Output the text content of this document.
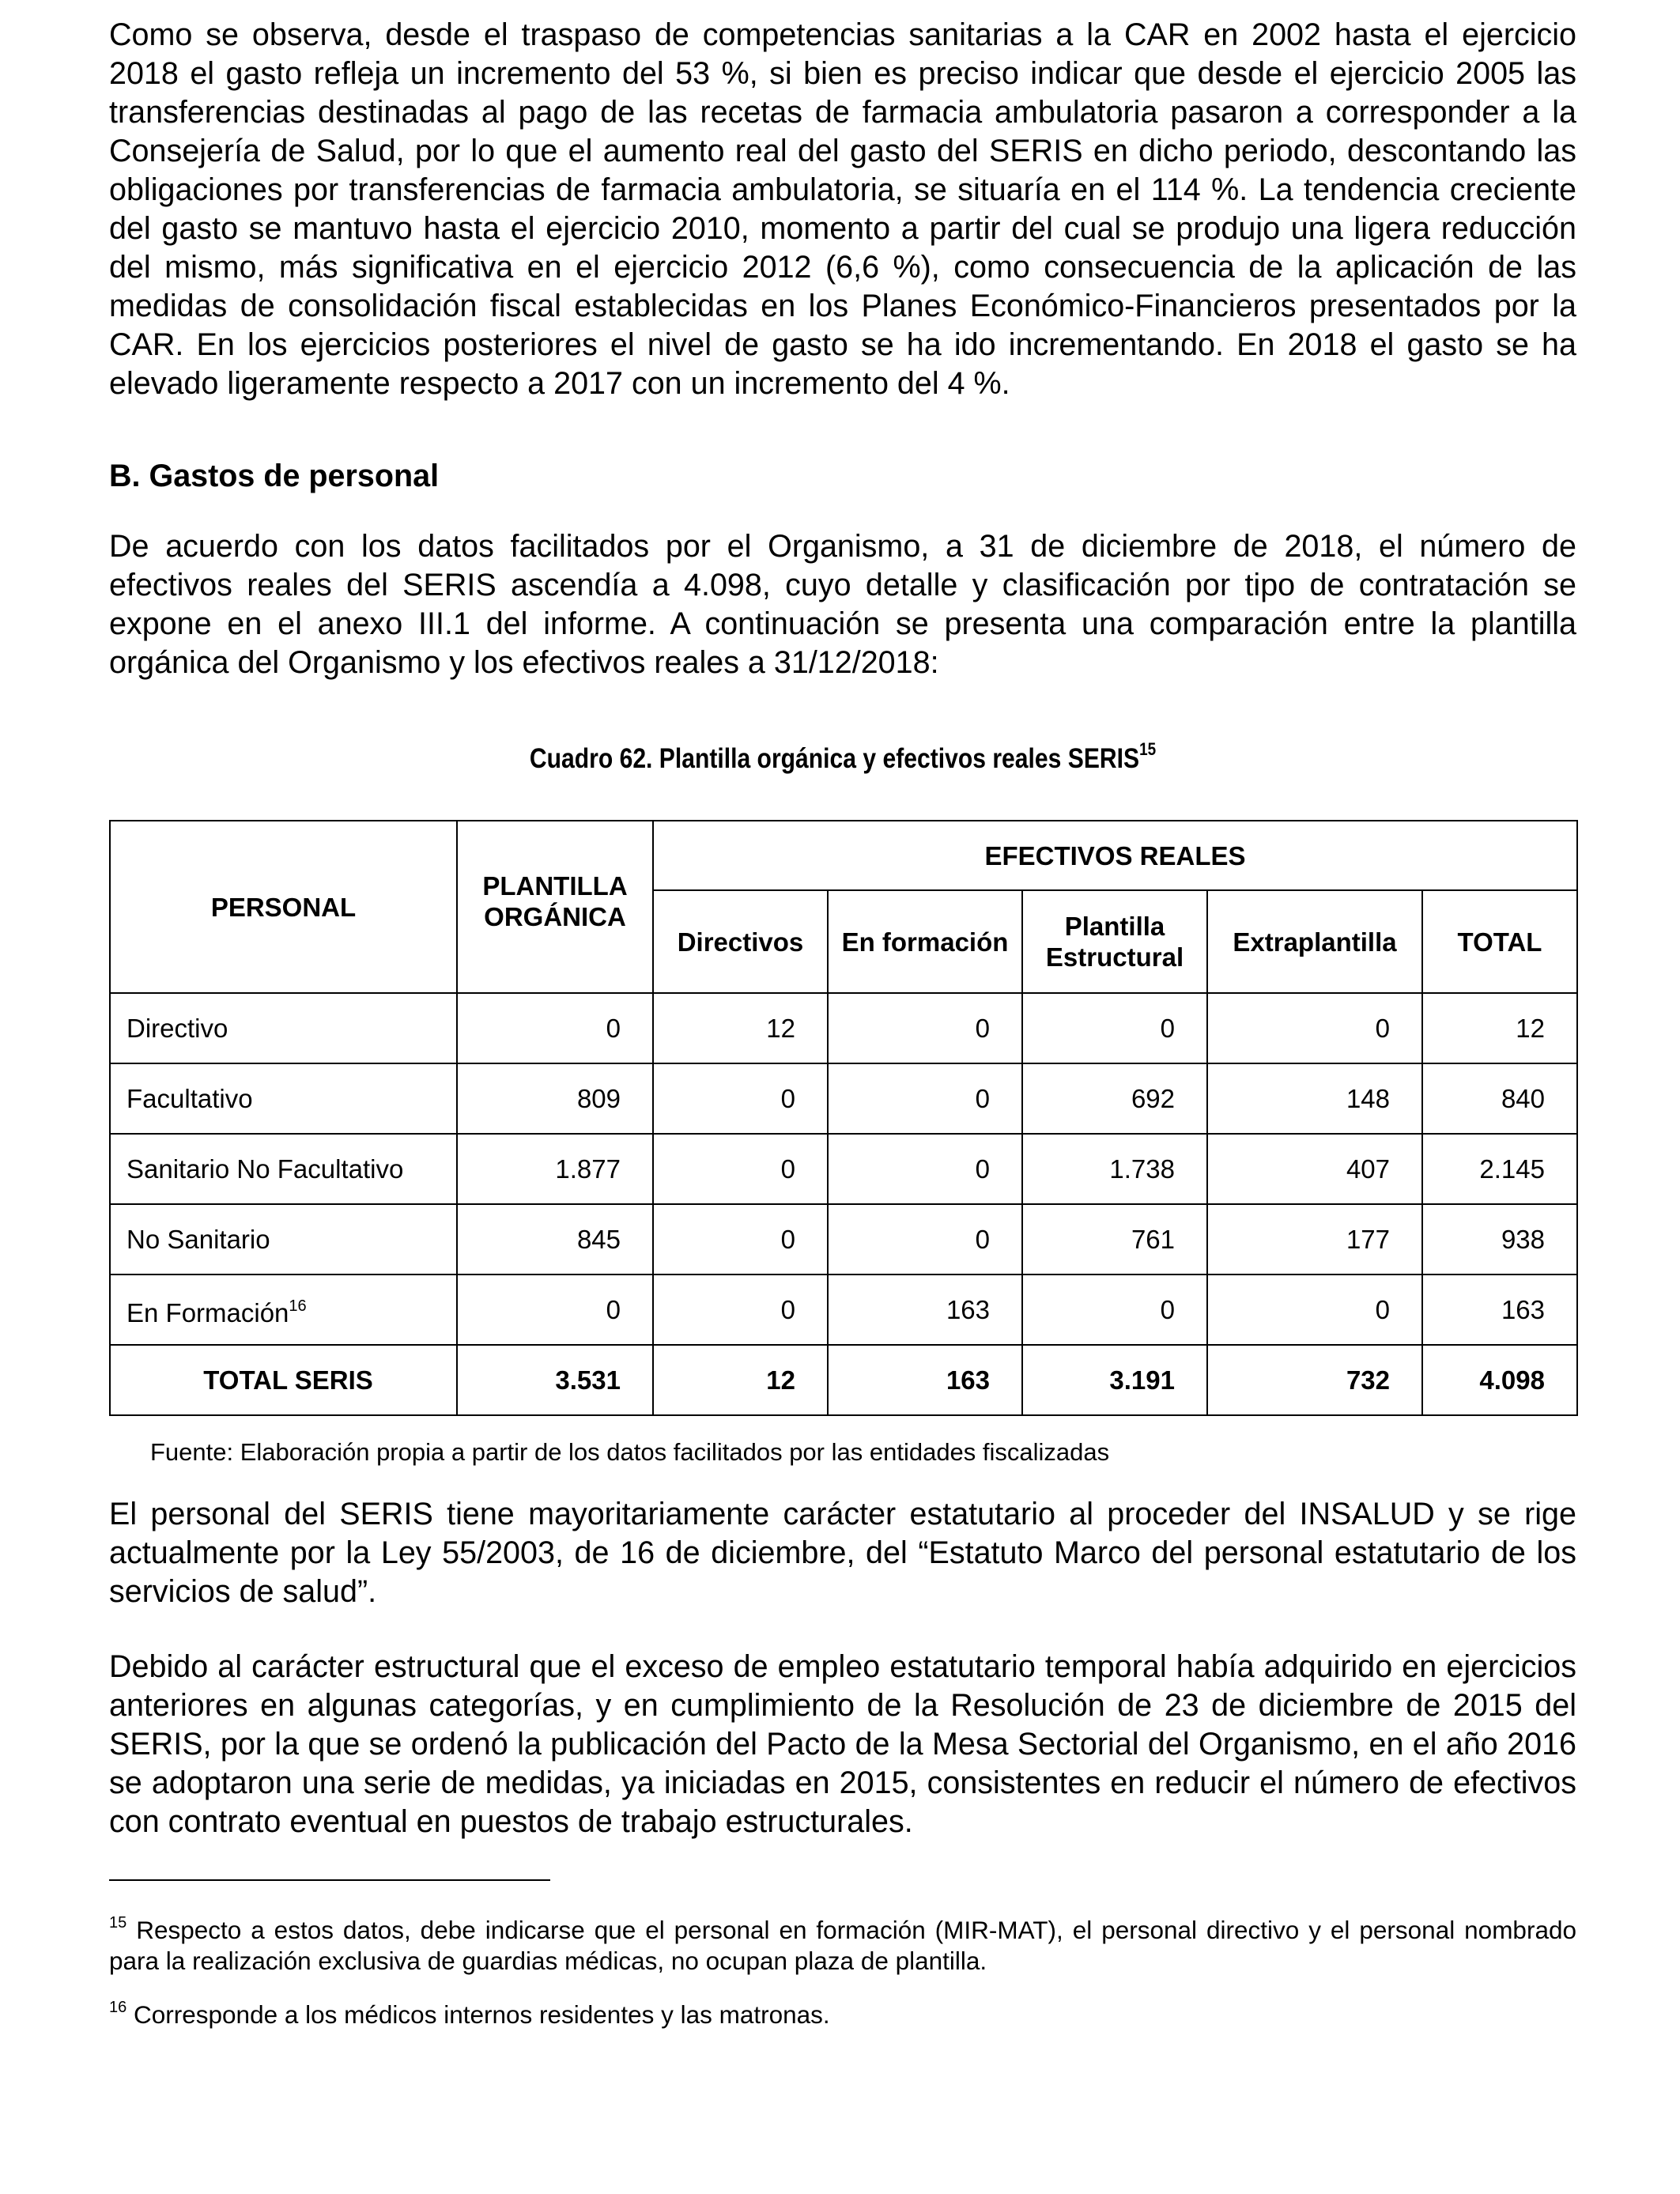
Como se observa, desde el traspaso de competencias sanitarias a la CAR en 2002 hasta el ejercicio 2018 el gasto refleja un incremento del 53 %, si bien es preciso indicar que desde el ejercicio 2005 las transferencias destinadas al pago de las recetas de farmacia ambulatoria pasaron a corresponder a la Consejería de Salud, por lo que el aumento real del gasto del SERIS en dicho periodo, descontando las obligaciones por transferencias de farmacia ambulatoria, se situaría en el 114 %. La tendencia creciente del gasto se mantuvo hasta el ejercicio 2010, momento a partir del cual se produjo una ligera reducción del mismo, más significativa en el ejercicio 2012 (6,6 %), como consecuencia de la aplicación de las medidas de consolidación fiscal establecidas en los Planes Económico-Financieros presentados por la CAR. En los ejercicios posteriores el nivel de gasto se ha ido incrementando. En 2018 el gasto se ha elevado ligeramente respecto a 2017 con un incremento del 4 %.

B. Gastos de personal

De acuerdo con los datos facilitados por el Organismo, a 31 de diciembre de 2018, el número de efectivos reales del SERIS ascendía a 4.098, cuyo detalle y clasificación por tipo de contratación se expone en el anexo III.1 del informe. A continuación se presenta una comparación entre la plantilla orgánica del Organismo y los efectivos reales a 31/12/2018:

Cuadro 62. Plantilla orgánica y efectivos reales SERIS$^{15}$
PERSONAL	PLANTILLA ORGÁNICA	EFECTIVOS REALES				
		Directivos	En formación	Plantilla Estructural	Extraplantilla	TOTAL
Directivo	0	12	0	0	0	12
Facultativo	809	0	0	692	148	840
Sanitario No Facultativo	1.877	0	0	1.738	407	2.145
No Sanitario	845	0	0	761	177	938
En Formación$^{16}$	0	0	163	0	0	163
TOTAL SERIS	3.531	12	163	3.191	732	4.098
Fuente: Elaboración propia a partir de los datos facilitados por las entidades fiscalizadas

El personal del SERIS tiene mayoritariamente carácter estatutario al proceder del INSALUD y se rige actualmente por la Ley 55/2003, de 16 de diciembre, del “Estatuto Marco del personal estatutario de los servicios de salud”.

Debido al carácter estructural que el exceso de empleo estatutario temporal había adquirido en ejercicios anteriores en algunas categorías, y en cumplimiento de la Resolución de 23 de diciembre de 2015 del SERIS, por la que se ordenó la publicación del Pacto de la Mesa Sectorial del Organismo, en el año 2016 se adoptaron una serie de medidas, ya iniciadas en 2015, consistentes en reducir el número de efectivos con contrato eventual en puestos de trabajo estructurales.

$^{15}$ Respecto a estos datos, debe indicarse que el personal en formación (MIR-MAT), el personal directivo y el personal nombrado para la realización exclusiva de guardias médicas, no ocupan plaza de plantilla.
$^{16}$ Corresponde a los médicos internos residentes y las matronas.
